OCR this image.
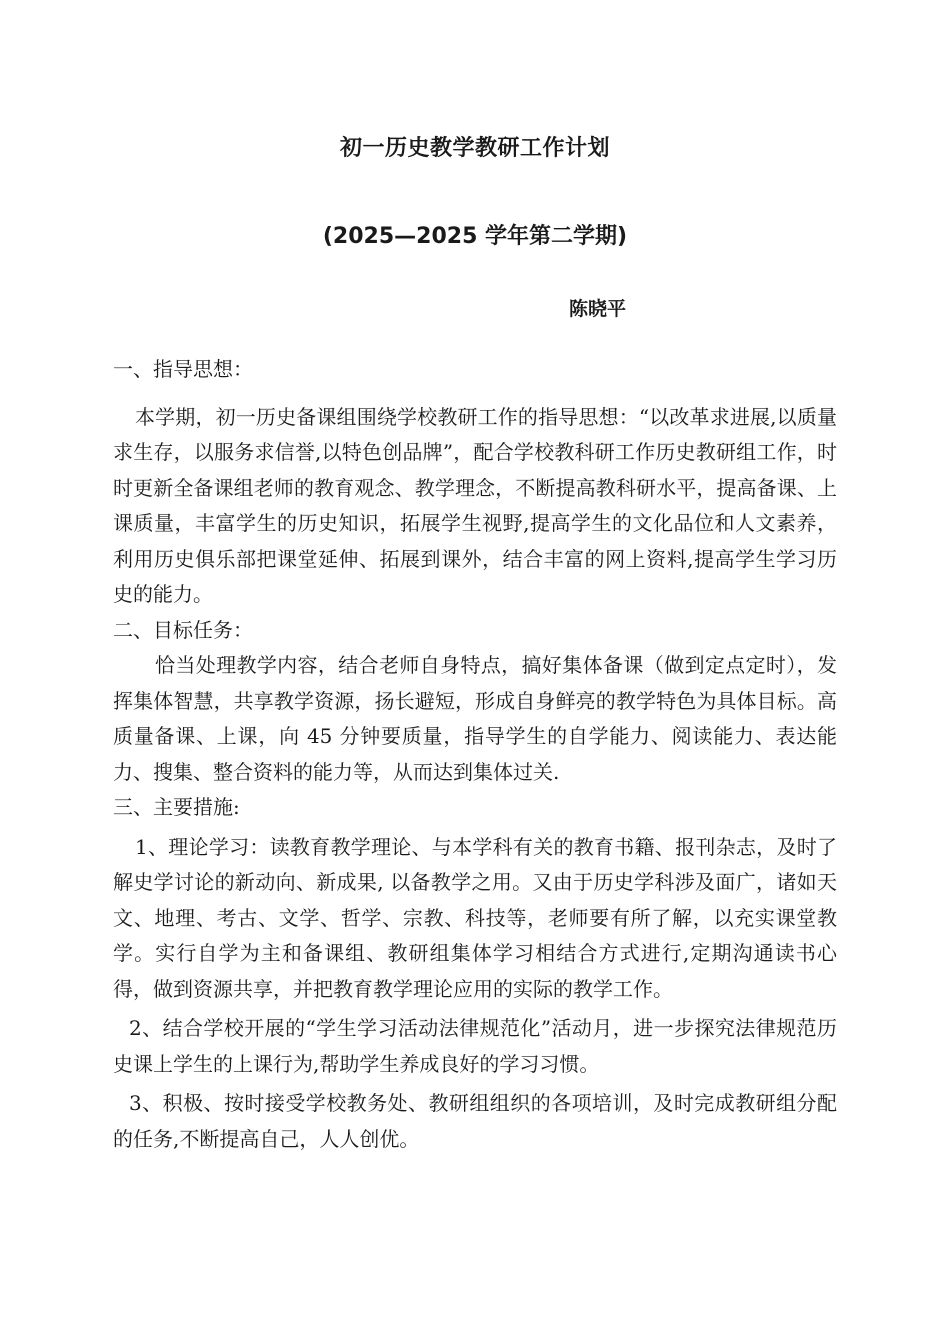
初一历史教学教研工作计划
(2025—2025 学年第二学期)
陈晓平

一、指导思想：

本学期，初一历史备课组围绕学校教研工作的指导思想：“以改革求进展,以质量求生存，以服务求信誉,以特色创品牌”，配合学校教科研工作历史教研组工作，时时更新全备课组老师的教育观念、教学理念，不断提高教科研水平，提高备课、上课质量，丰富学生的历史知识，拓展学生视野,提高学生的文化品位和人文素养，利用历史俱乐部把课堂延伸、拓展到课外，结合丰富的网上资料,提高学生学习历史的能力。

二、目标任务：

恰当处理教学内容，结合老师自身特点，搞好集体备课（做到定点定时），发挥集体智慧，共享教学资源，扬长避短，形成自身鲜亮的教学特色为具体目标。高质量备课、上课，向 45 分钟要质量，指导学生的自学能力、阅读能力、表达能力、搜集、整合资料的能力等，从而达到集体过关.

三、主要措施:

1、理论学习：读教育教学理论、与本学科有关的教育书籍、报刊杂志，及时了解史学讨论的新动向、新成果, 以备教学之用。又由于历史学科涉及面广，诸如天文、地理、考古、文学、哲学、宗教、科技等，老师要有所了解，以充实课堂教学。实行自学为主和备课组、教研组集体学习相结合方式进行,定期沟通读书心得，做到资源共享，并把教育教学理论应用的实际的教学工作。

2、结合学校开展的“学生学习活动法律规范化”活动月，进一步探究法律规范历史课上学生的上课行为,帮助学生养成良好的学习习惯。

3、积极、按时接受学校教务处、教研组组织的各项培训，及时完成教研组分配的任务,不断提高自己，人人创优。
